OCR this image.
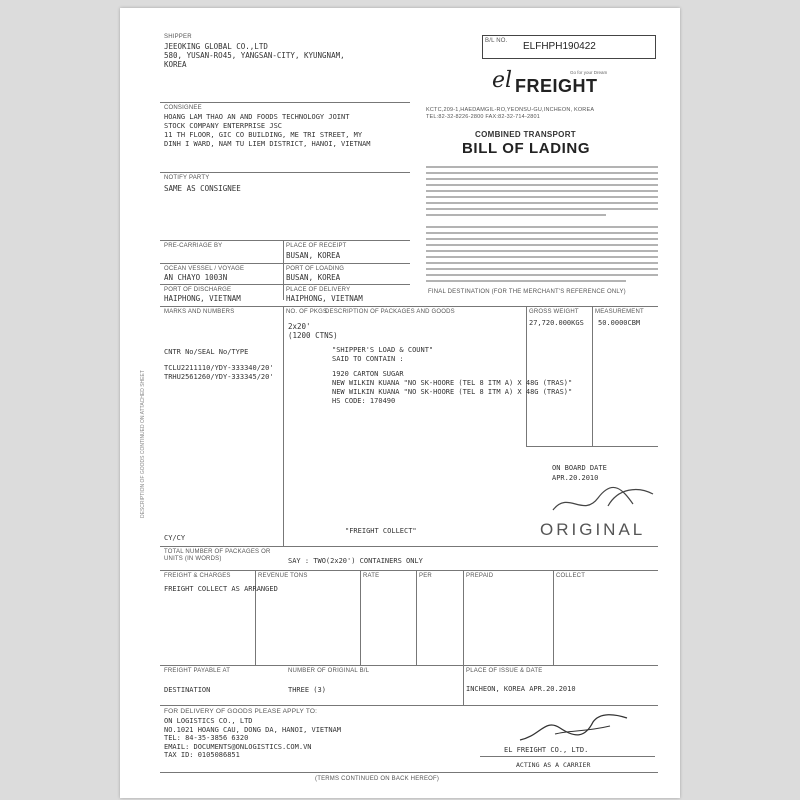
SHIPPER
JEEOKING GLOBAL CO.,LTD
580, YUSAN-RO45, YANGSAN-CITY, KYUNGNAM,
KOREA
B/L NO. ELFHPH190422
Go for your Dream
el FREIGHT
KCTC,209-1,HAEDAMGIL-RO,YEONSU-GU,INCHEON, KOREA
TEL:82-32-8226-2800 FAX:82-32-714-2801
COMBINED TRANSPORT
BILL OF LADING
CONSIGNEE
HOANG LAM THAO AN AND FOODS TECHNOLOGY JOINT
STOCK COMPANY ENTERPRISE JSC
11 TH FLOOR, GIC CO BUILDING, ME TRI STREET, MY
DINH I WARD, NAM TU LIEM DISTRICT, HANOI, VIETNAM
NOTIFY PARTY
SAME AS CONSIGNEE
PRE-CARRIAGE BY	PLACE OF RECEIPT
BUSAN, KOREA
OCEAN VESSEL / VOYAGE
AN CHAYO 1003N
PORT OF LOADING
BUSAN, KOREA
PORT OF DISCHARGE
HAIPHONG, VIETNAM
PLACE OF DELIVERY
HAIPHONG, VIETNAM
FINAL DESTINATION (FOR THE MERCHANT'S REFERENCE ONLY)
MARKS AND NUMBERS	NO. OF PKGS
DESCRIPTION OF PACKAGES AND GOODS	GROSS WEIGHT	MEASUREMENT
27,720.000KGS 50.0000CBM
2x20'
(1200 CTNS)
CNTR No/SEAL No/TYPE
TCLU2211110/YDY-333340/20'
TRHU2561260/YDY-333345/20'
"SHIPPER'S LOAD & COUNT"
SAID TO CONTAIN :
1920 CARTON SUGAR
NEW WILKIN KUANA "NO SK-HOORE (TEL 8 ITM A) X 48G (TRAS)"
NEW WILKIN KUANA "NO SK-HOORE (TEL 8 ITM A) X 48G (TRAS)"
HS CODE: 170490
DESCRIPTION OF GOODS CONTINUED ON ATTACHED SHEET	ON BOARD DATE
APR.20.2010
ORIGINAL
"FREIGHT COLLECT"
CY/CY
TOTAL NUMBER OF PACKAGES OR UNITS (IN WORDS)	SAY : TWO(2x20') CONTAINERS ONLY
FREIGHT & CHARGES	REVENUE TONS	RATE	PER	PREPAID	COLLECT
FREIGHT COLLECT AS ARRANGED
FREIGHT PAYABLE AT
DESTINATION
NUMBER OF ORIGINAL B/L
THREE (3)
PLACE OF ISSUE & DATE
INCHEON, KOREA APR.20.2010
FOR DELIVERY OF GOODS PLEASE APPLY TO:
ON LOGISTICS CO., LTD
NO.1021 HOANG CAU, DONG DA, HANOI, VIETNAM
TEL: 84-35-3856 6320
EMAIL: DOCUMENTS@ONLOGISTICS.COM.VN
TAX ID: 0105086851
EL FREIGHT CO., LTD.
ACTING AS A CARRIER
(TERMS CONTINUED ON BACK HEREOF)
